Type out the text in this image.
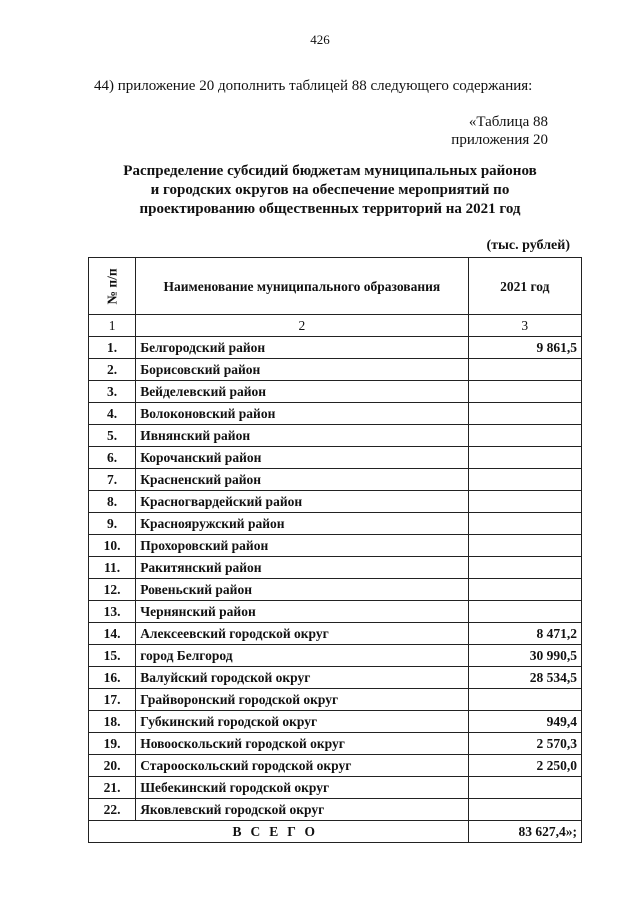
426
44) приложение 20 дополнить таблицей 88 следующего содержания:
«Таблица 88
приложения 20
Распределение субсидий бюджетам муниципальных районов
и городских округов на обеспечение мероприятий по
проектированию общественных территорий на 2021 год
(тыс. рублей)
№ п/п	Наименование муниципального образования	2021 год
1	2	3
1.	Белгородский район	9 861,5
2.	Борисовский район	
3.	Вейделевский район	
4.	Волоконовский район	
5.	Ивнянский район	
6.	Корочанский район	
7.	Красненский район	
8.	Красногвардейский район	
9.	Краснояружский район	
10.	Прохоровский район	
11.	Ракитянский район	
12.	Ровеньский район	
13.	Чернянский район	
14.	Алексеевский городской округ	8 471,2
15.	город Белгород	30 990,5
16.	Валуйский городской округ	28 534,5
17.	Грайворонский городской округ	
18.	Губкинский городской округ	949,4
19.	Новооскольский городской округ	2 570,3
20.	Старооскольский городской округ	2 250,0
21.	Шебекинский городской округ	
22.	Яковлевский городской округ	
ВСЕГО		83 627,4»;
